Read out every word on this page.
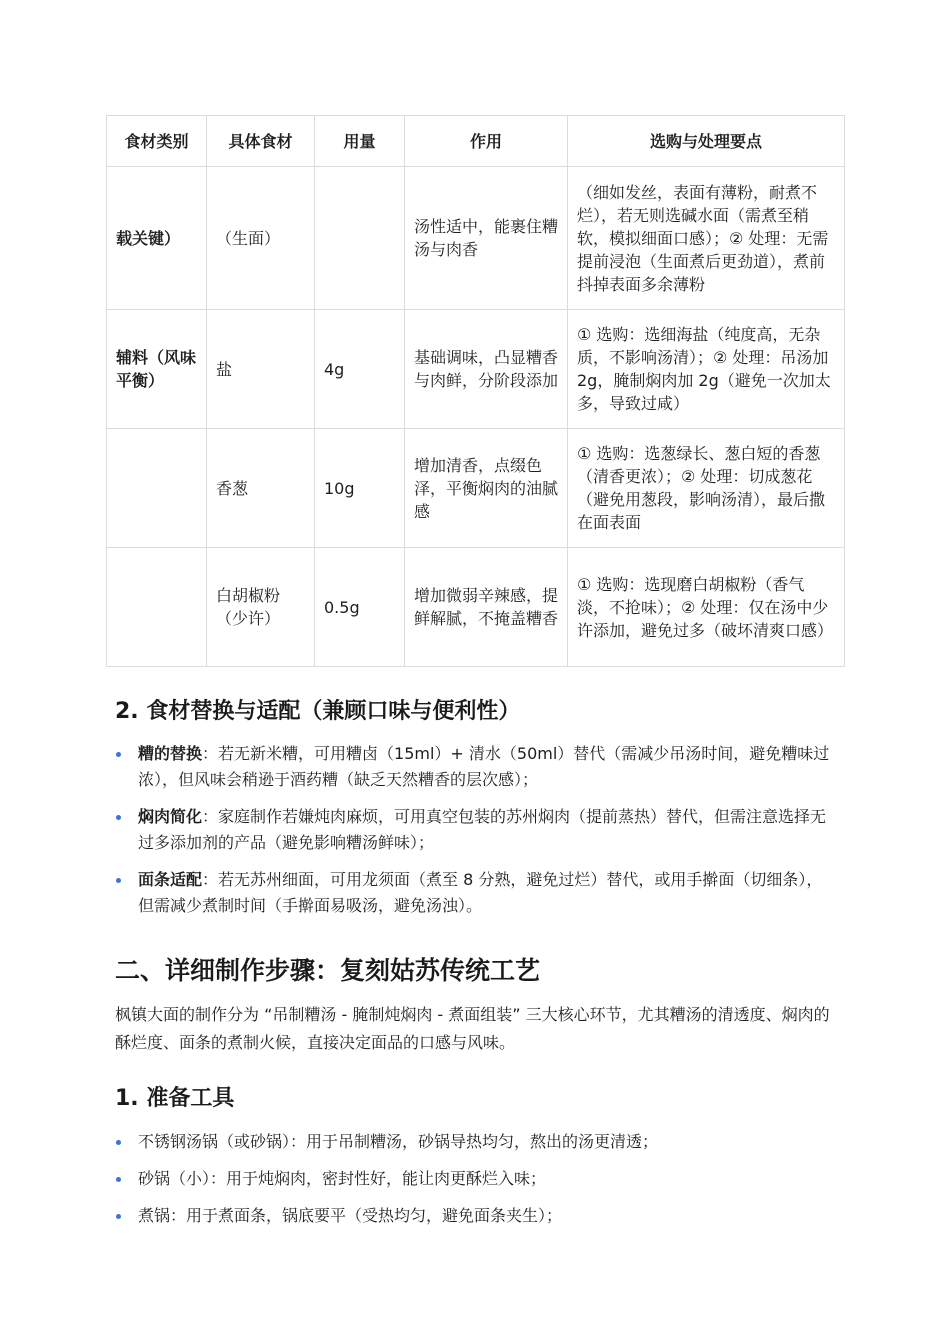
食材类别	具体食材	用量	作用	选购与处理要点
载关键）	（生面）		汤性适中，能裹住糟汤与肉香	（细如发丝，表面有薄粉，耐煮不烂），若无则选碱水面（需煮至稍软，模拟细面口感）；② 处理：无需提前浸泡（生面煮后更劲道），煮前抖掉表面多余薄粉
辅料（风味平衡）	盐	4g	基础调味，凸显糟香与肉鲜，分阶段添加	① 选购：选细海盐（纯度高，无杂质，不影响汤清）；② 处理：吊汤加 2g，腌制焖肉加 2g（避免一次加太多，导致过咸）
	香葱	10g	增加清香，点缀色泽，平衡焖肉的油腻感	① 选购：选葱绿长、葱白短的香葱（清香更浓）；② 处理：切成葱花（避免用葱段，影响汤清），最后撒在面表面
	白胡椒粉（少许）	0.5g	增加微弱辛辣感，提鲜解腻，不掩盖糟香	① 选购：选现磨白胡椒粉（香气淡，不抢味）；② 处理：仅在汤中少许添加，避免过多（破坏清爽口感）
2. 食材替换与适配（兼顾口味与便利性）
糟的替换：若无新米糟，可用糟卤（15ml）+ 清水（50ml）替代（需减少吊汤时间，避免糟味过浓），但风味会稍逊于酒药糟（缺乏天然糟香的层次感）；
焖肉简化：家庭制作若嫌炖肉麻烦，可用真空包装的苏州焖肉（提前蒸热）替代，但需注意选择无过多添加剂的产品（避免影响糟汤鲜味）；
面条适配：若无苏州细面，可用龙须面（煮至 8 分熟，避免过烂）替代，或用手擀面（切细条），但需减少煮制时间（手擀面易吸汤，避免汤浊）。
二、详细制作步骤：复刻姑苏传统工艺

枫镇大面的制作分为 “吊制糟汤 - 腌制炖焖肉 - 煮面组装” 三大核心环节，尤其糟汤的清透度、焖肉的酥烂度、面条的煮制火候，直接决定面品的口感与风味。

1. 准备工具
不锈钢汤锅（或砂锅）：用于吊制糟汤，砂锅导热均匀，熬出的汤更清透；
砂锅（小）：用于炖焖肉，密封性好，能让肉更酥烂入味；
煮锅：用于煮面条，锅底要平（受热均匀，避免面条夹生）；
